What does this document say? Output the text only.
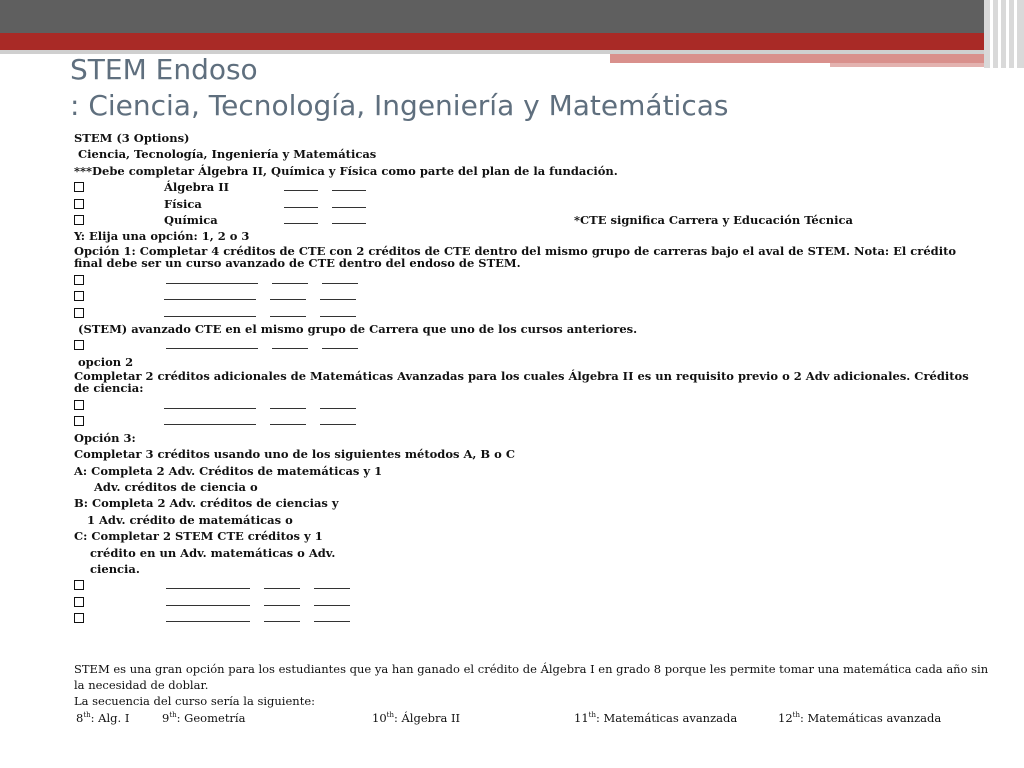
STEM Endoso
: Ciencia, Tecnología, Ingeniería y Matemáticas
STEM (3 Options)
Ciencia, Tecnología, Ingeniería y Matemáticas
***Debe completar Álgebra II, Química y Física como parte del plan de la fundación.
Álgebra II
Física
Química	*CTE significa Carrera y Educación Técnica
Y: Elija una opción: 1, 2 o 3
Opción 1: Completar 4 créditos de CTE con 2 créditos de CTE dentro del mismo grupo de carreras bajo el aval de STEM. Nota: El crédito final debe ser un curso avanzado de CTE dentro del endoso de STEM.
(STEM) avanzado CTE en el mismo grupo de Carrera que uno de los cursos anteriores.
opcion 2
Completar 2 créditos adicionales de Matemáticas Avanzadas para los cuales Álgebra II es un requisito previo o 2 Adv adicionales. Créditos de ciencia:
Opción 3:
Completar 3 créditos usando uno de los siguientes métodos A, B o C
A: Completa 2 Adv. Créditos de matemáticas y 1
Adv. créditos de ciencia o
B: Completa 2 Adv. créditos de ciencias y
1 Adv. crédito de matemáticas o
C: Completar 2 STEM CTE créditos y 1
crédito en un Adv. matemáticas o Adv.
ciencia.
STEM es una gran opción para los estudiantes que ya han ganado el crédito de Álgebra I en grado 8 porque les permite tomar una matemática cada año sin
la necesidad de doblar.
La secuencia del curso sería la siguiente:
8th: Alg. I	9th: Geometría	10th: Álgebra II	11th: Matemáticas avanzada	12th: Matemáticas avanzada
